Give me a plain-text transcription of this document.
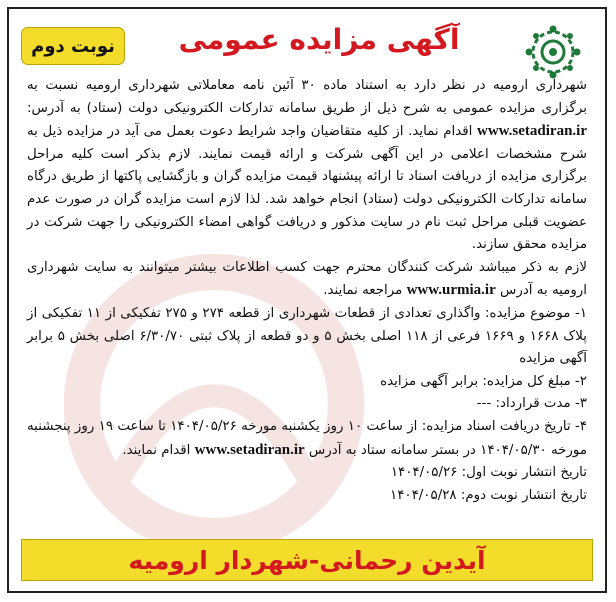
نوبت دوم	آگهی مزایده عمومی

شهرداری ارومیه در نظر دارد به استناد ماده ۳۰ آئین نامه معاملاتی شهرداری ارومیه نسبت به برگزاری مزایده عمومی به شرح ذیل از طریق سامانه تدارکات الکترونیکی دولت (ستاد) به آدرس: www.setadiran.ir اقدام نماید. از کلیه متقاضیان واجد شرایط دعوت بعمل می آید در مزایده ذیل به شرح مشخصات اعلامی در این آگهی شرکت و ارائه قیمت نمایند. لازم بذکر است کلیه مراحل برگزاری مزایده از دریافت اسناد تا ارائه پیشنهاد قیمت مزایده گران و بازگشایی پاکتها از طریق درگاه سامانه تدارکات الکترونیکی دولت (ستاد) انجام خواهد شد. لذا لازم است مزایده گران در صورت عدم عضویت قبلی مراحل ثبت نام در سایت مذکور و دریافت گواهی امضاء الکترونیکی را جهت شرکت در مزایده محقق سازند.

لازم به ذکر میباشد شرکت کنندگان محترم جهت کسب اطلاعات بیشتر میتوانند به سایت شهرداری ارومیه به آدرس www.urmia.ir مراجعه نمایند.

۱- موضوع مزایده: واگذاری تعدادی از قطعات شهرداری از قطعه ۲۷۴ و ۲۷۵ تفکیکی از ۱۱ تفکیکی از پلاک ۱۶۶۸ و ۱۶۶۹ فرعی از ۱۱۸ اصلی بخش ۵ و دو قطعه از پلاک ثبتی ۶/۳۰/۷۰ اصلی بخش ۵ برابر آگهی مزایده

۲- مبلغ کل مزایده: برابر آگهی مزایده

۳- مدت قرارداد: ---

۴- تاریخ دریافت اسناد مزایده: از ساعت ۱۰ روز یکشنبه مورخه ۱۴۰۴/۰۵/۲۶ تا ساعت ۱۹ روز پنجشنبه مورخه ۱۴۰۴/۰۵/۳۰ در بستر سامانه ستاد به آدرس www.setadiran.ir اقدام نمایند.

تاریخ انتشار نوبت اول: ۱۴۰۴/۰۵/۲۶

تاریخ انتشار نوبت دوم: ۱۴۰۴/۰۵/۲۸

آیدین رحمانی-شهردار ارومیه
